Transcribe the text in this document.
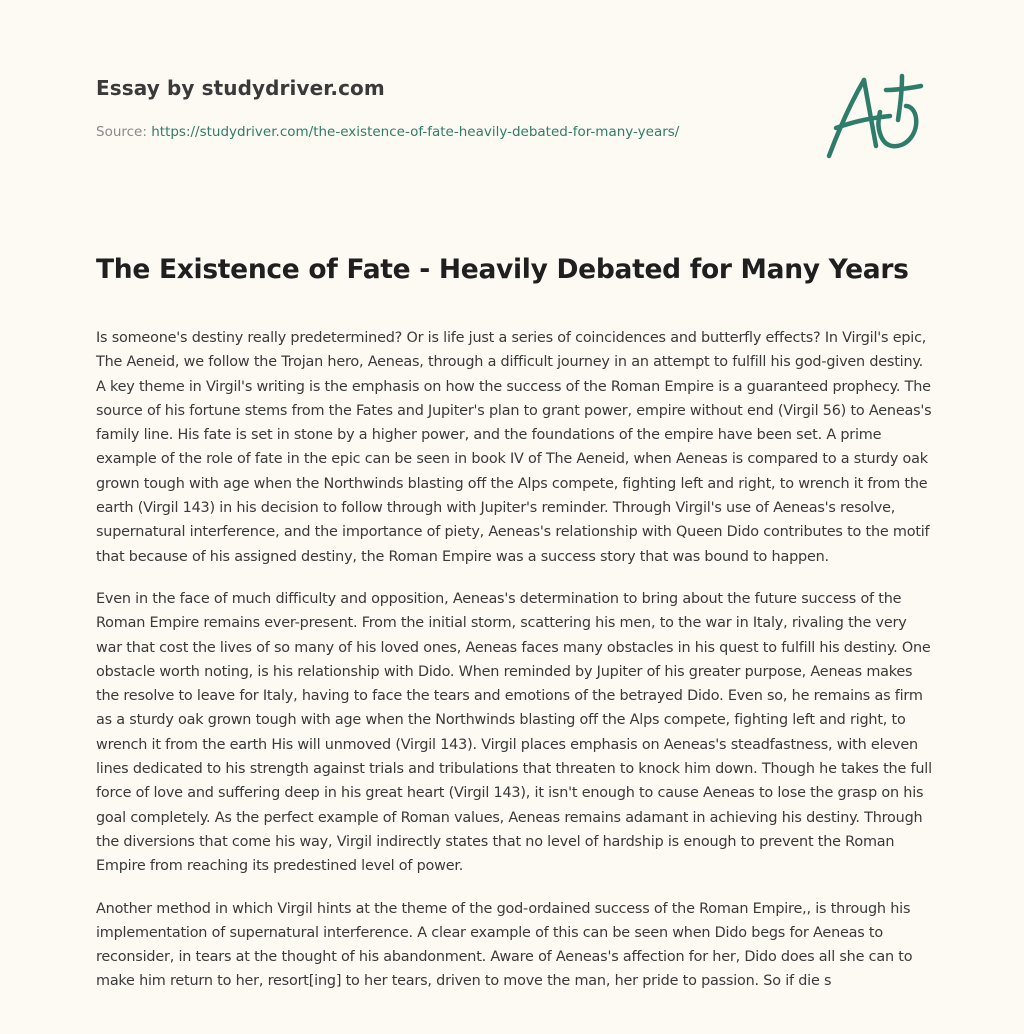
Essay by studydriver.com
Source: https://studydriver.com/the-existence-of-fate-heavily-debated-for-many-years/
The Existence of Fate - Heavily Debated for Many Years

Is someone's destiny really predetermined? Or is life just a series of coincidences and butterfly effects? In Virgil's epic, The Aeneid, we follow the Trojan hero, Aeneas, through a difficult journey in an attempt to fulfill his god-given destiny. A key theme in Virgil's writing is the emphasis on how the success of the Roman Empire is a guaranteed prophecy. The source of his fortune stems from the Fates and Jupiter's plan to grant power, empire without end (Virgil 56) to Aeneas's family line. His fate is set in stone by a higher power, and the foundations of the empire have been set. A prime example of the role of fate in the epic can be seen in book IV of The Aeneid, when Aeneas is compared to a sturdy oak grown tough with age when the Northwinds blasting off the Alps compete, fighting left and right, to wrench it from the earth (Virgil 143) in his decision to follow through with Jupiter's reminder. Through Virgil's use of Aeneas's resolve, supernatural interference, and the importance of piety, Aeneas's relationship with Queen Dido contributes to the motif that because of his assigned destiny, the Roman Empire was a success story that was bound to happen.

Even in the face of much difficulty and opposition, Aeneas's determination to bring about the future success of the Roman Empire remains ever-present. From the initial storm, scattering his men, to the war in Italy, rivaling the very war that cost the lives of so many of his loved ones, Aeneas faces many obstacles in his quest to fulfill his destiny. One obstacle worth noting, is his relationship with Dido. When reminded by Jupiter of his greater purpose, Aeneas makes the resolve to leave for Italy, having to face the tears and emotions of the betrayed Dido. Even so, he remains as firm as a sturdy oak grown tough with age when the Northwinds blasting off the Alps compete, fighting left and right, to wrench it from the earth His will unmoved (Virgil 143). Virgil places emphasis on Aeneas's steadfastness, with eleven lines dedicated to his strength against trials and tribulations that threaten to knock him down. Though he takes the full force of love and suffering deep in his great heart (Virgil 143), it isn't enough to cause Aeneas to lose the grasp on his goal completely. As the perfect example of Roman values, Aeneas remains adamant in achieving his destiny. Through the diversions that come his way, Virgil indirectly states that no level of hardship is enough to prevent the Roman Empire from reaching its predestined level of power.

Another method in which Virgil hints at the theme of the god-ordained success of the Roman Empire,, is through his implementation of supernatural interference. A clear example of this can be seen when Dido begs for Aeneas to reconsider, in tears at the thought of his abandonment. Aware of Aeneas's affection for her, Dido does all she can to make him return to her, resort[ing] to her tears, driven to move the man, her pride to passion. So if die s
